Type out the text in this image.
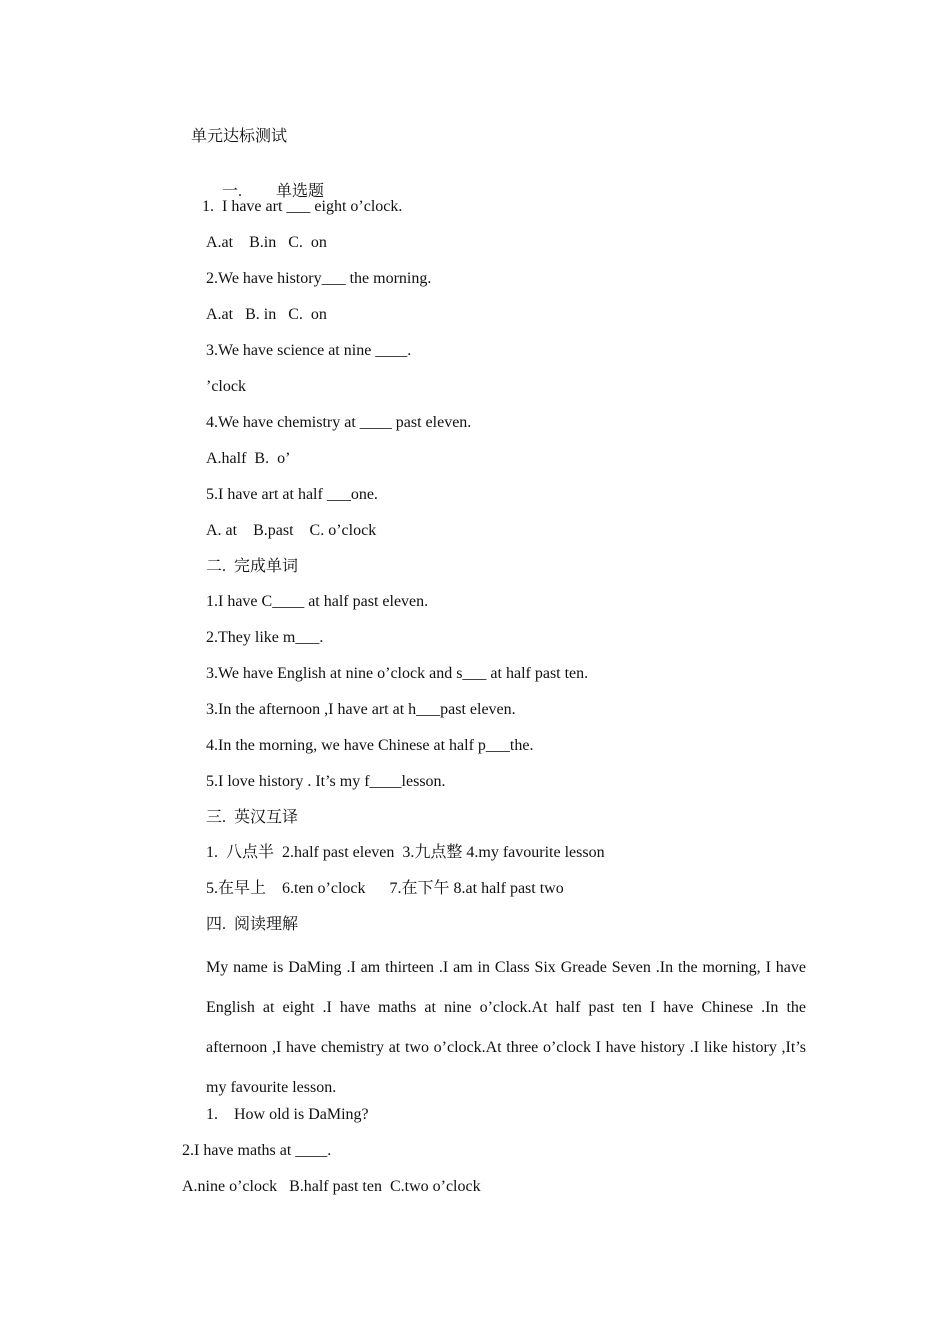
单元达标测试

一. 单选题

1.  I have art ___ eight o’clock.
A.at    B.in   C.  on
2.We have history___ the morning.
A.at   B. in   C.  on
3.We have science at nine ____.
’clock
4.We have chemistry at ____ past eleven.
A.half  B.  o’
5.I have art at half ___one.
A. at    B.past    C. o’clock
二.  完成单词
1.I have C____ at half past eleven.
2.They like m___.
3.We have English at nine o’clock and s___ at half past ten.
3.In the afternoon ,I have art at h___past eleven.
4.In the morning, we have Chinese at half p___the.
5.I love history . It’s my f____lesson.
三.  英汉互译
1.  八点半  2.half past eleven  3.九点整 4.my favourite lesson
5.在早上    6.ten o’clock      7.在下午 8.at half past two
四.  阅读理解
My name is DaMing .I am thirteen .I am in Class Six Greade Seven .In the morning, I have English at eight .I have maths at nine o’clock.At half past ten I have Chinese .In the afternoon ,I have chemistry at two o’clock.At three o’clock I have history .I like history ,It’s my favourite lesson.
1.    How old is DaMing?
2.I have maths at ____.
A.nine o’clock   B.half past ten  C.two o’clock
